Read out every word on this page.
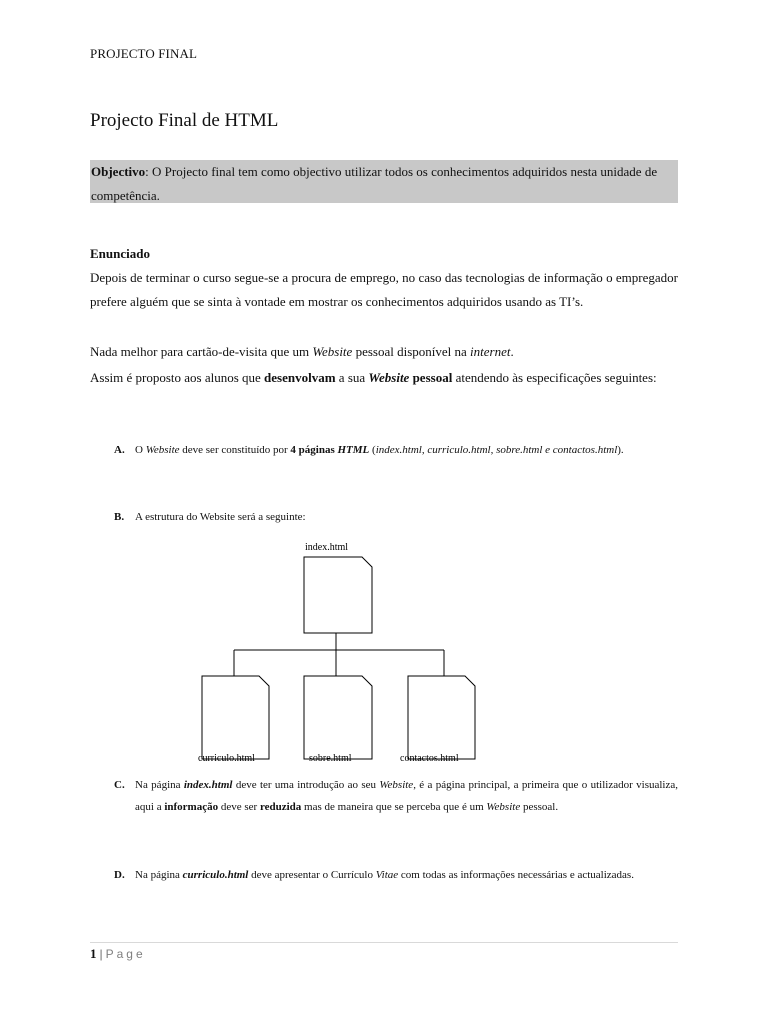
PROJECTO FINAL
Projecto Final de HTML
Objectivo: O Projecto final tem como objectivo utilizar todos os conhecimentos adquiridos nesta unidade de competência.
Enunciado
Depois de terminar o curso segue-se a procura de emprego, no caso das tecnologias de informação o empregador prefere alguém que se sinta à vontade em mostrar os conhecimentos adquiridos usando as TI’s.
Nada melhor para cartão-de-visita que um Website pessoal disponível na internet.
Assim é proposto aos alunos que desenvolvam a sua Website pessoal atendendo às especificações seguintes:
A. O Website deve ser constituído por 4 páginas HTML (index.html, curriculo.html, sobre.html e contactos.html).
B. A estrutura do Website será a seguinte:
index.html
curriculo.html	sobre.html	contactos.html
C. Na página index.html deve ter uma introdução ao seu Website, é a página principal, a primeira que o utilizador visualiza, aqui a informação deve ser reduzida mas de maneira que se perceba que é um Website pessoal.
D. Na página curriculo.html deve apresentar o Currículo Vitae com todas as informações necessárias e actualizadas.
1 | Page
